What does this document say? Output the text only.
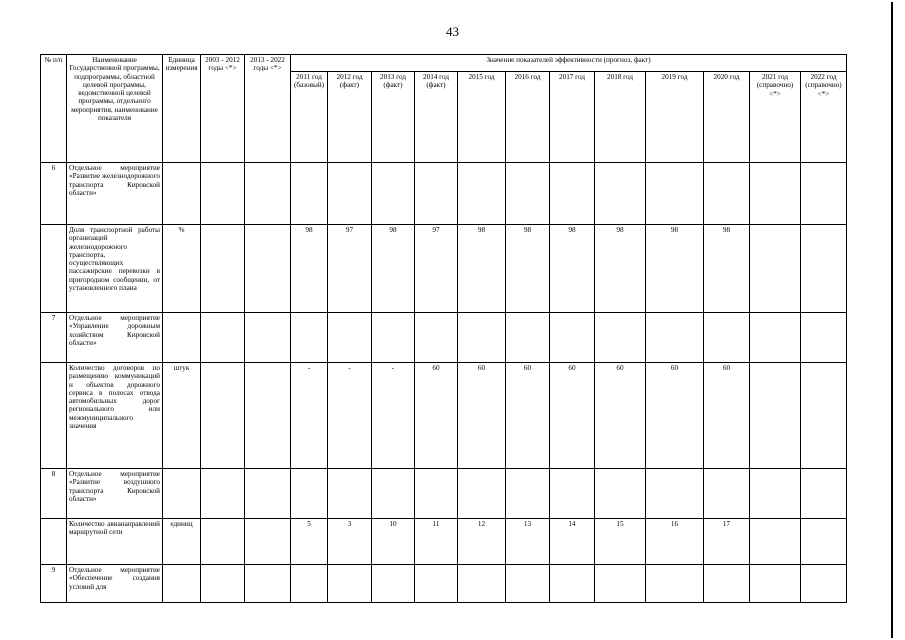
43
№ п/п	Наименование Государственной программы, подпрограммы, областной целевой программы, ведомственной целевой программы, отдельного мероприятия, наименование показателя	Единица измерения	2003 - 2012 годы <*>	2013 - 2022 годы <*>	Значение показателей эффективности (прогноз, факт)											
					2011 год (базовый)	2012 год (факт)	2013 год (факт)	2014 год (факт)	2015 год	2016 год	2017 год	2018 год	2019 год	2020 год	2021 год (справочно) <*>	2022 год (справочно) <*>
6	Отдельное мероприятие «Развитие железнодорожного транспорта Кировской области»															
	Доля транспортной работы организаций железнодорожного транспорта, осуществляющих пассажирские перевозки в пригородном сообщении, от установленного плана	%			98	97	98	97	98	98	98	98	98	98		
7	Отдельное мероприятие «Управление дорожным хозяйством Кировской области»															
	Количество договоров по размещению коммуникаций и объектов дорожного сервиса в полосах отвода автомобильных дорог регионального или межмуниципального значения	штук			-	-	-	60	60	60	60	60	60	60		
8	Отдельное мероприятие «Развитие воздушного транспорта Кировской области»															
	Количество авианаправлений маршрутной сети	единиц			5	3	10	11	12	13	14	15	16	17		
9	Отдельное мероприятие «Обеспечение создания условий для															
